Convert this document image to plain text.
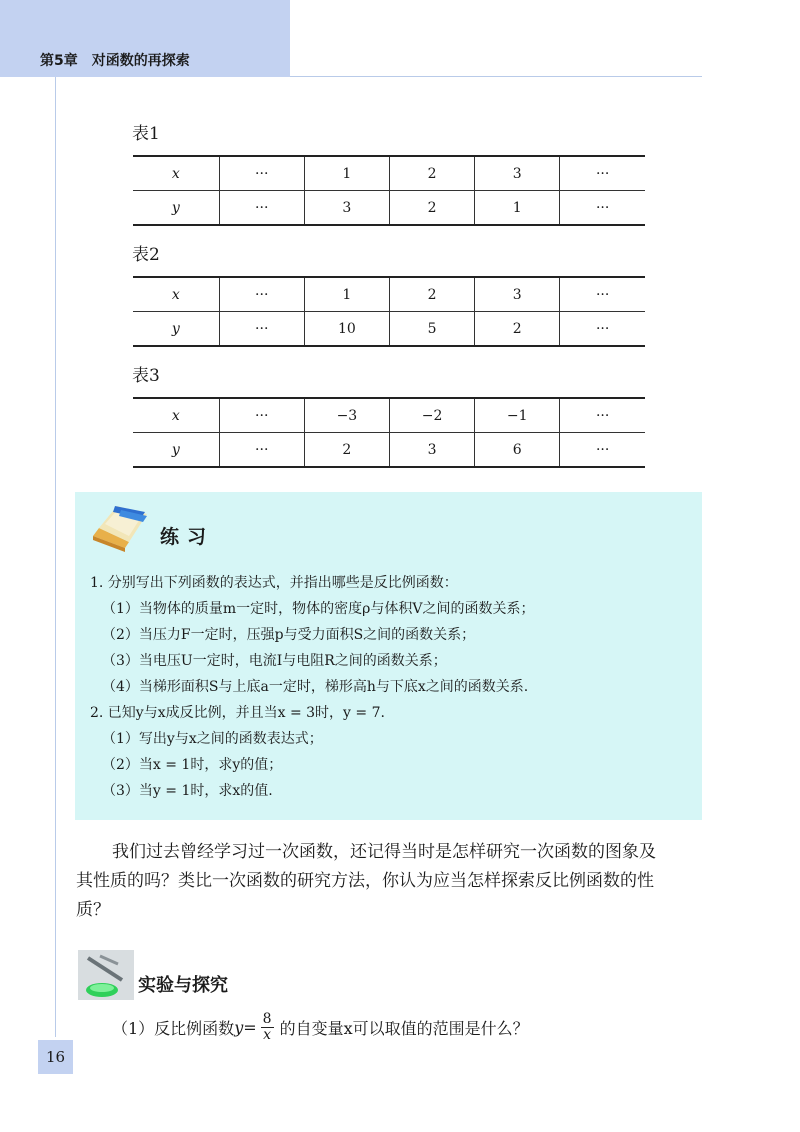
第5章　对函数的再探索
表1
x	···	1	2	3	···
y	···	3	2	1	···
表2
x	···	1	2	3	···
y	···	10	5	2	···
表3
x	···	−3	−2	−1	···
y	···	2	3	6	···
练习
1. 分别写出下列函数的表达式，并指出哪些是反比例函数：
（1）当物体的质量m一定时，物体的密度ρ与体积V之间的函数关系；
（2）当压力F一定时，压强p与受力面积S之间的函数关系；
（3）当电压U一定时，电流I与电阻R之间的函数关系；
（4）当梯形面积S与上底a一定时，梯形高h与下底x之间的函数关系.
2. 已知y与x成反比例，并且当x = 3时，y = 7.
（1）写出y与x之间的函数表达式；
（2）当x = 1时，求y的值；
（3）当y = 1时，求x的值.
我们过去曾经学习过一次函数，还记得当时是怎样研究一次函数的图象及
其性质的吗？类比一次函数的研究方法，你认为应当怎样探索反比例函数的性
质？
实验与探究
（1）反比例函数 $y = \frac{8}{x}$ 的自变量x可以取值的范围是什么？
16
